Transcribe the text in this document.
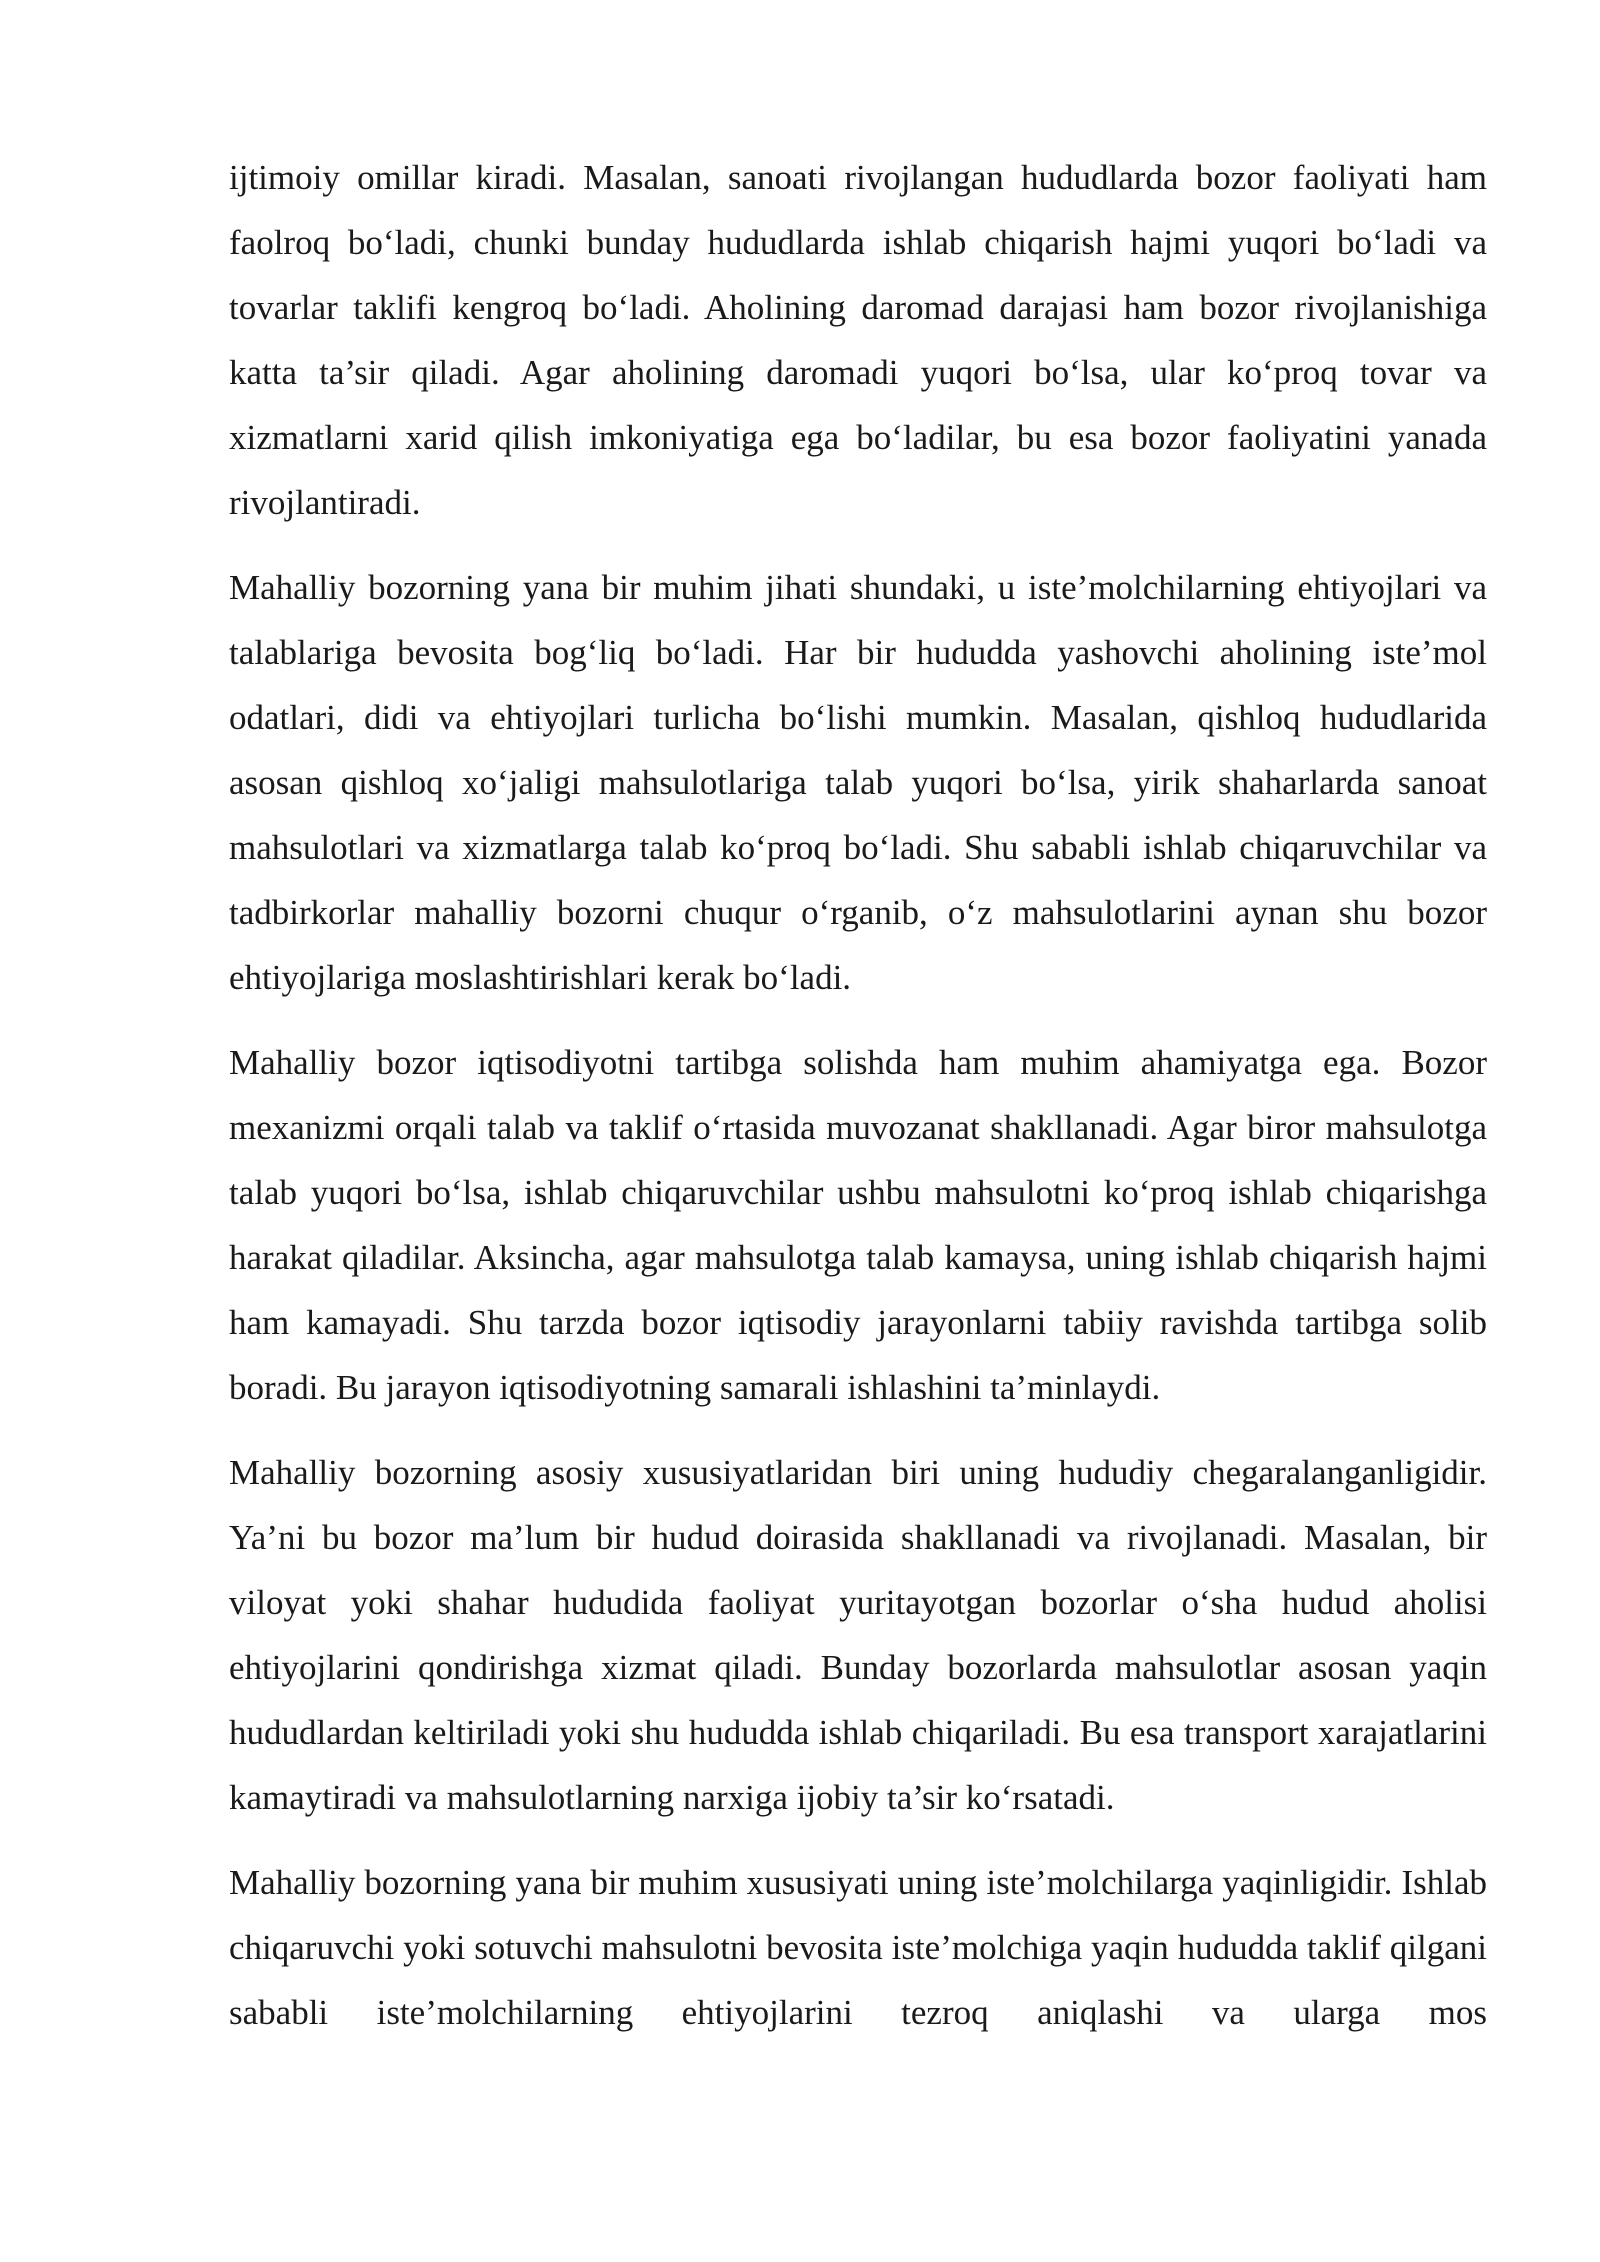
ijtimoiy omillar kiradi. Masalan, sanoati rivojlangan hududlarda bozor faoliyati ham faolroq bo‘ladi, chunki bunday hududlarda ishlab chiqarish hajmi yuqori bo‘ladi va tovarlar taklifi kengroq bo‘ladi. Aholining daromad darajasi ham bozor rivojlanishiga katta ta’sir qiladi. Agar aholining daromadi yuqori bo‘lsa, ular ko‘proq tovar va xizmatlarni xarid qilish imkoniyatiga ega bo‘ladilar, bu esa bozor faoliyatini yanada rivojlantiradi.

Mahalliy bozorning yana bir muhim jihati shundaki, u iste’molchilarning ehtiyojlari va talablariga bevosita bog‘liq bo‘ladi. Har bir hududda yashovchi aholining iste’mol odatlari, didi va ehtiyojlari turlicha bo‘lishi mumkin. Masalan, qishloq hududlarida asosan qishloq xo‘jaligi mahsulotlariga talab yuqori bo‘lsa, yirik shaharlarda sanoat mahsulotlari va xizmatlarga talab ko‘proq bo‘ladi. Shu sababli ishlab chiqaruvchilar va tadbirkorlar mahalliy bozorni chuqur o‘rganib, o‘z mahsulotlarini aynan shu bozor ehtiyojlariga moslashtirishlari kerak bo‘ladi.

Mahalliy bozor iqtisodiyotni tartibga solishda ham muhim ahamiyatga ega. Bozor mexanizmi orqali talab va taklif o‘rtasida muvozanat shakllanadi. Agar biror mahsulotga talab yuqori bo‘lsa, ishlab chiqaruvchilar ushbu mahsulotni ko‘proq ishlab chiqarishga harakat qiladilar. Aksincha, agar mahsulotga talab kamaysa, uning ishlab chiqarish hajmi ham kamayadi. Shu tarzda bozor iqtisodiy jarayonlarni tabiiy ravishda tartibga solib boradi. Bu jarayon iqtisodiyotning samarali ishlashini ta’minlaydi.

Mahalliy bozorning asosiy xususiyatlaridan biri uning hududiy chegaralanganligidir. Ya’ni bu bozor ma’lum bir hudud doirasida shakllanadi va rivojlanadi. Masalan, bir viloyat yoki shahar hududida faoliyat yuritayotgan bozorlar o‘sha hudud aholisi ehtiyojlarini qondirishga xizmat qiladi. Bunday bozorlarda mahsulotlar asosan yaqin hududlardan keltiriladi yoki shu hududda ishlab chiqariladi. Bu esa transport xarajatlarini kamaytiradi va mahsulotlarning narxiga ijobiy ta’sir ko‘rsatadi.

Mahalliy bozorning yana bir muhim xususiyati uning iste’molchilarga yaqinligidir. Ishlab chiqaruvchi yoki sotuvchi mahsulotni bevosita iste’molchiga yaqin hududda taklif qilgani sababli iste’molchilarning ehtiyojlarini tezroq aniqlashi va ularga mos
